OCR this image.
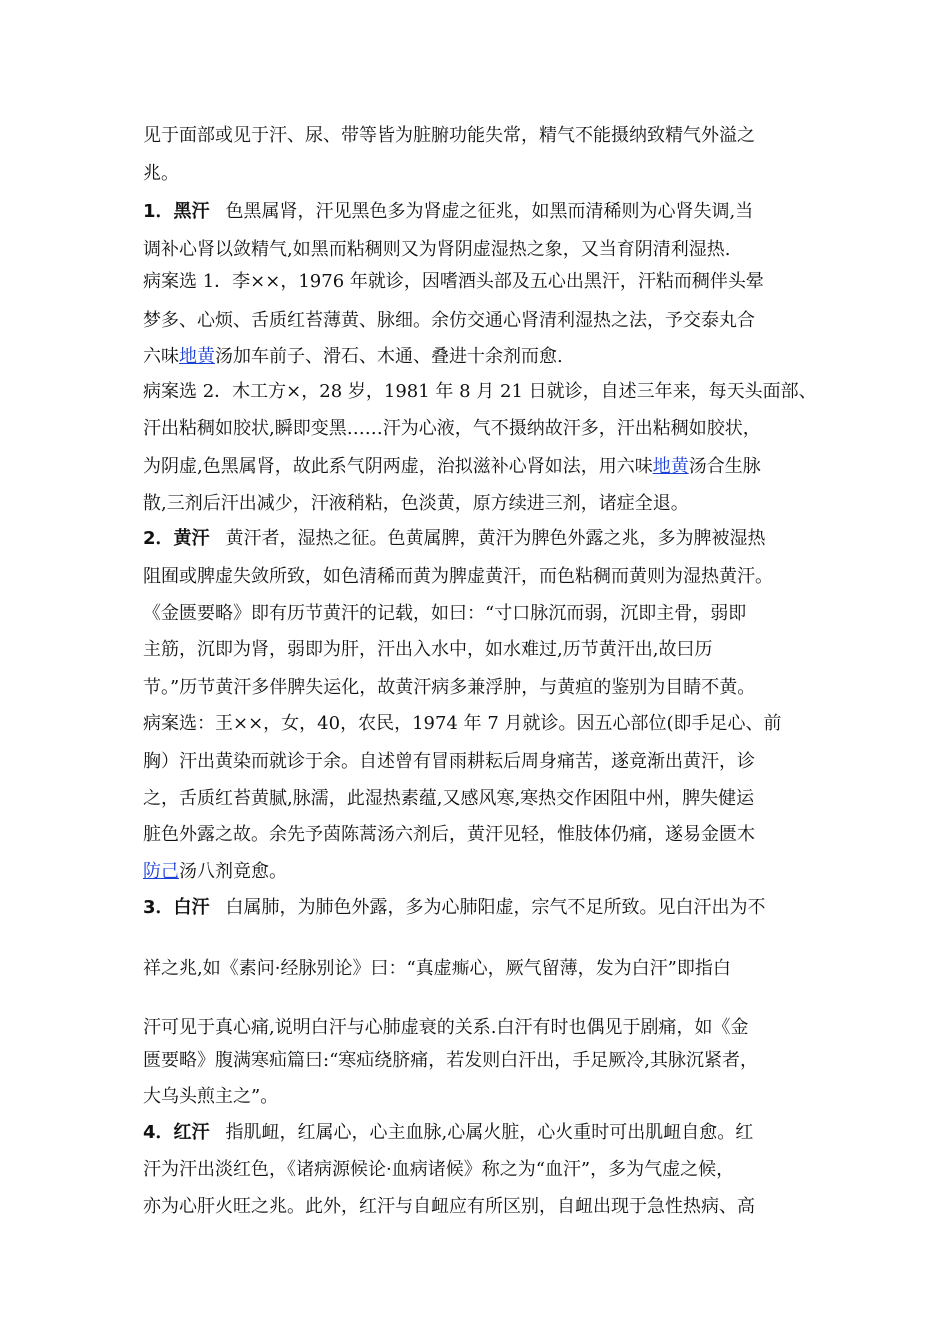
见于面部或见于汗、尿、带等皆为脏腑功能失常，精气不能摄纳致精气外溢之
兆。
1．黑汗 色黑属肾，汗见黑色多为肾虚之征兆，如黑而清稀则为心肾失调,当
调补心肾以敛精气,如黑而粘稠则又为肾阴虚湿热之象，又当育阴清利湿热.
病案选 1．李××，1976 年就诊，因嗜酒头部及五心出黑汗，汗粘而稠伴头晕
梦多、心烦、舌质红苔薄黄、脉细。余仿交通心肾清利湿热之法，予交泰丸合
六味地黄汤加车前子、滑石、木通、叠进十余剂而愈.
病案选 2．木工方×，28 岁，1981 年 8 月 21 日就诊，自述三年来，每天头面部、
汗出粘稠如胶状,瞬即变黑……汗为心液，气不摄纳故汗多，汗出粘稠如胶状，
为阴虚,色黑属肾，故此系气阴两虚，治拟滋补心肾如法，用六味地黄汤合生脉
散,三剂后汗出减少，汗液稍粘，色淡黄，原方续进三剂，诸症全退。
2．黄汗 黄汗者，湿热之征。色黄属脾，黄汗为脾色外露之兆，多为脾被湿热
阻囿或脾虚失敛所致，如色清稀而黄为脾虚黄汗，而色粘稠而黄则为湿热黄汗。
《金匮要略》即有历节黄汗的记载，如曰：“寸口脉沉而弱，沉即主骨，弱即
主筋，沉即为肾，弱即为肝，汗出入水中，如水难过,历节黄汗出,故曰历
节。”历节黄汗多伴脾失运化，故黄汗病多兼浮肿，与黄疸的鉴别为目睛不黄。
病案选：王××，女，40，农民，1974 年 7 月就诊。因五心部位(即手足心、前
胸）汗出黄染而就诊于余。自述曾有冒雨耕耘后周身痛苦，遂竟渐出黄汗，诊
之，舌质红苔黄腻,脉濡，此湿热素蕴,又感风寒,寒热交作困阻中州，脾失健运
脏色外露之故。余先予茵陈蒿汤六剂后，黄汗见轻，惟肢体仍痛，遂易金匮木
防己汤八剂竟愈。
3．白汗 白属肺，为肺色外露，多为心肺阳虚，宗气不足所致。见白汗出为不
祥之兆,如《素问·经脉别论》曰：“真虚𤺊心，厥气留薄，发为白汗”即指白
汗可见于真心痛,说明白汗与心肺虚衰的关系.白汗有时也偶见于剧痛，如《金
匮要略》腹满寒疝篇曰:“寒疝绕脐痛，若发则白汗出，手足厥冷,其脉沉紧者，
大乌头煎主之”。
4．红汗 指肌衄，红属心，心主血脉,心属火脏，心火重时可出肌衄自愈。红
汗为汗出淡红色，《诸病源候论·血病诸候》称之为“血汗”，多为气虚之候，
亦为心肝火旺之兆。此外，红汗与自衄应有所区别，自衄出现于急性热病、高
